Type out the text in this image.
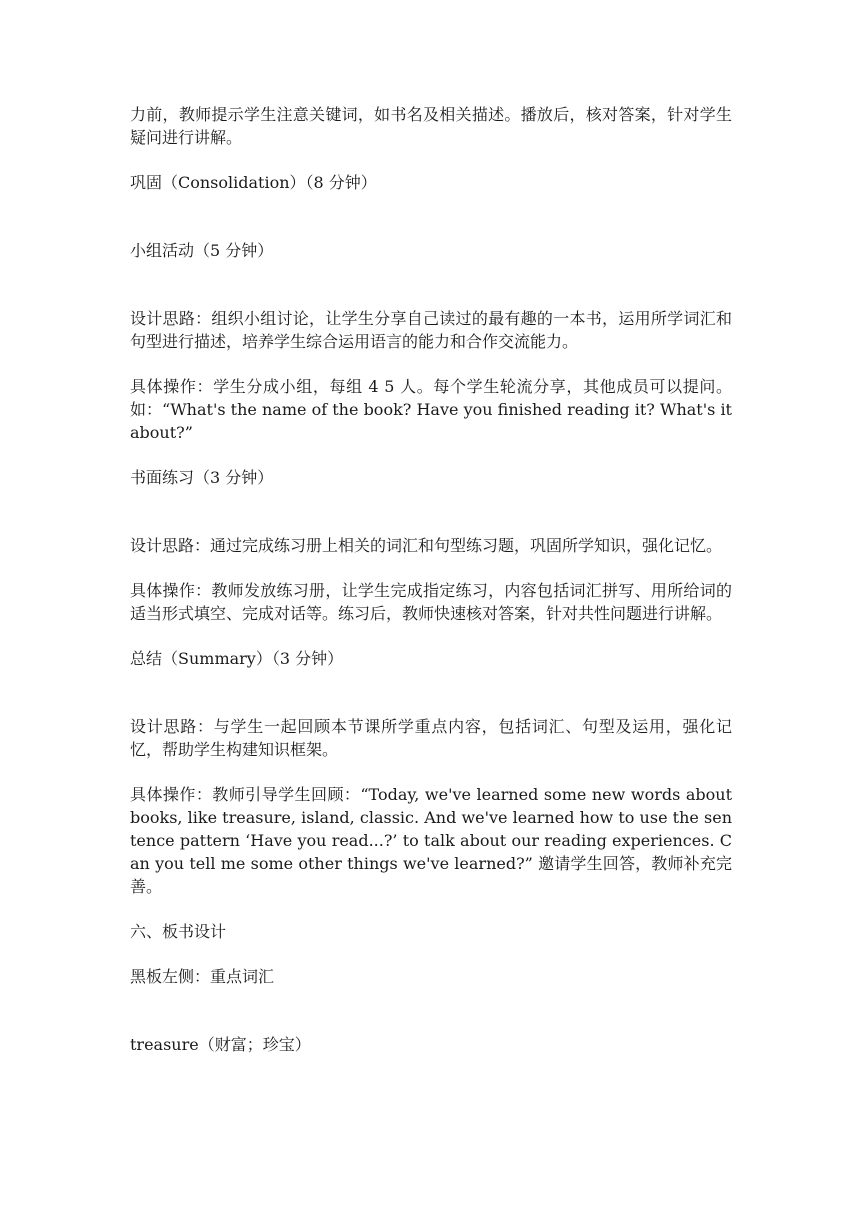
力前，教师提示学生注意关键词，如书名及相关描述。播放后，核对答案，针对学生疑问进行讲解。

巩固（Consolidation）（8 分钟）

小组活动（5 分钟）

设计思路：组织小组讨论，让学生分享自己读过的最有趣的一本书，运用所学词汇和句型进行描述，培养学生综合运用语言的能力和合作交流能力。

具体操作：学生分成小组，每组 4 5 人。每个学生轮流分享，其他成员可以提问。如：“What's the name of the book? Have you finished reading it? What's it about?”

书面练习（3 分钟）

设计思路：通过完成练习册上相关的词汇和句型练习题，巩固所学知识，强化记忆。

具体操作：教师发放练习册，让学生完成指定练习，内容包括词汇拼写、用所给词的适当形式填空、完成对话等。练习后，教师快速核对答案，针对共性问题进行讲解。

总结（Summary）（3 分钟）

设计思路：与学生一起回顾本节课所学重点内容，包括词汇、句型及运用，强化记忆，帮助学生构建知识框架。

具体操作：教师引导学生回顾：“Today, we've learned some new words about books, like treasure, island, classic. And we've learned how to use the sentence pattern ‘Have you read...?’ to talk about our reading experiences. Can you tell me some other things we've learned?” 邀请学生回答，教师补充完善。

六、板书设计

黑板左侧：重点词汇

treasure（财富；珍宝）
